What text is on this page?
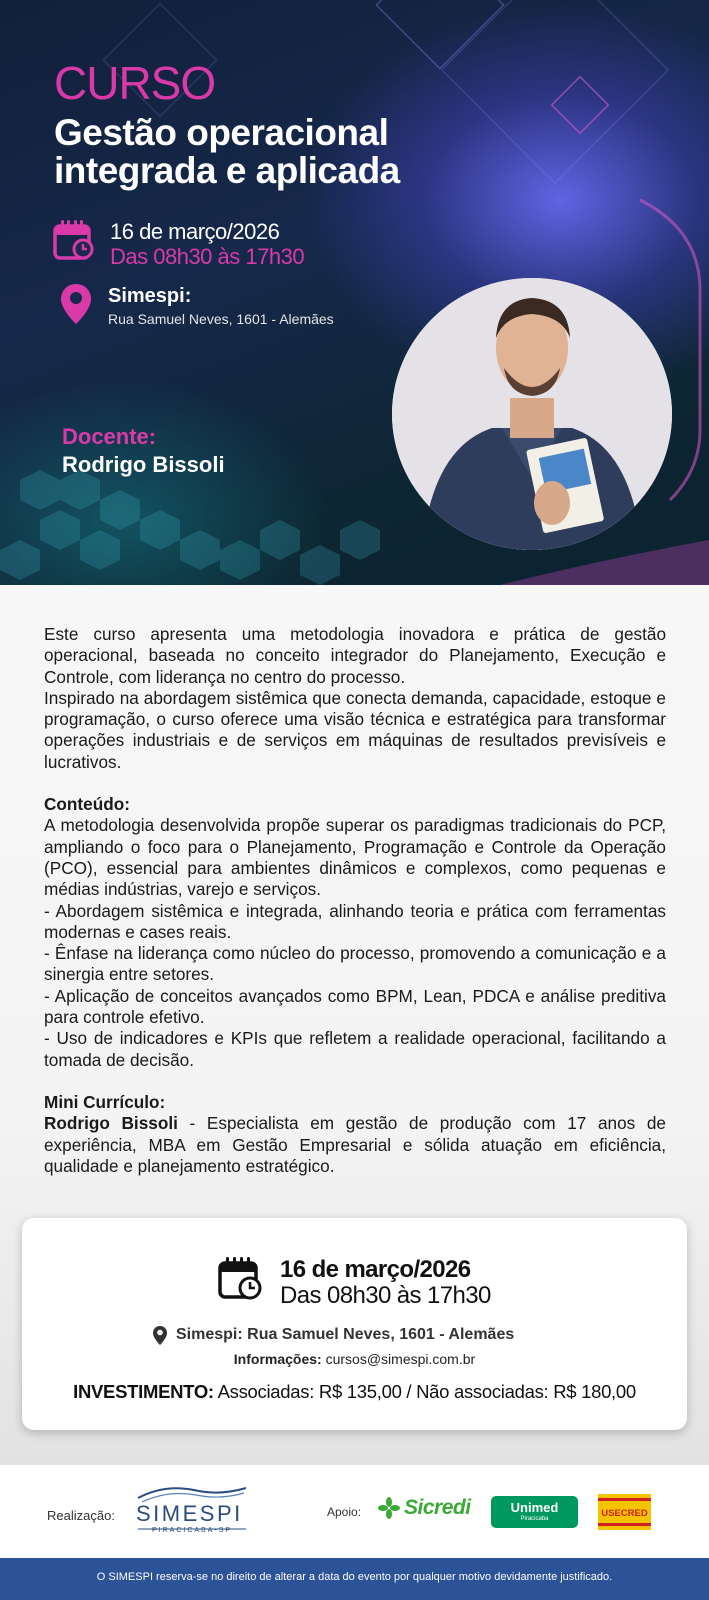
CURSO
Gestão operacional
integrada e aplicada
16 de março/2026
Das 08h30 às 17h30
Simespi:
Rua Samuel Neves, 1601 - Alemães
Docente:
Rodrigo Bissoli

Este curso apresenta uma metodologia inovadora e prática de gestão operacional, baseada no conceito integrador do Planejamento, Execução e Controle, com liderança no centro do processo.

Inspirado na abordagem sistêmica que conecta demanda, capacidade, estoque e programação, o curso oferece uma visão técnica e estratégica para transformar operações industriais e de serviços em máquinas de resultados previsíveis e lucrativos.

Conteúdo:

A metodologia desenvolvida propõe superar os paradigmas tradicionais do PCP, ampliando o foco para o Planejamento, Programação e Controle da Operação (PCO), essencial para ambientes dinâmicos e complexos, como pequenas e médias indústrias, varejo e serviços.

- Abordagem sistêmica e integrada, alinhando teoria e prática com ferramentas modernas e cases reais.

- Ênfase na liderança como núcleo do processo, promovendo a comunicação e a sinergia entre setores.

- Aplicação de conceitos avançados como BPM, Lean, PDCA e análise preditiva para controle efetivo.

- Uso de indicadores e KPIs que refletem a realidade operacional, facilitando a tomada de decisão.

Mini Currículo:

Rodrigo Bissoli - Especialista em gestão de produção com 17 anos de experiência, MBA em Gestão Empresarial e sólida atuação em eficiência, qualidade e planejamento estratégico.

16 de março/2026
Das 08h30 às 17h30
Simespi: Rua Samuel Neves, 1601 - Alemães
Informações: cursos@simespi.com.br
INVESTIMENTO: Associadas: R$ 135,00 / Não associadas: R$ 180,00
Realização: SIMESPI
PIRACICABA-SP
Apoio: Sicredi	Unimed
Piracicaba	USECRED
O SIMESPI reserva-se no direito de alterar a data do evento por qualquer motivo devidamente justificado.
